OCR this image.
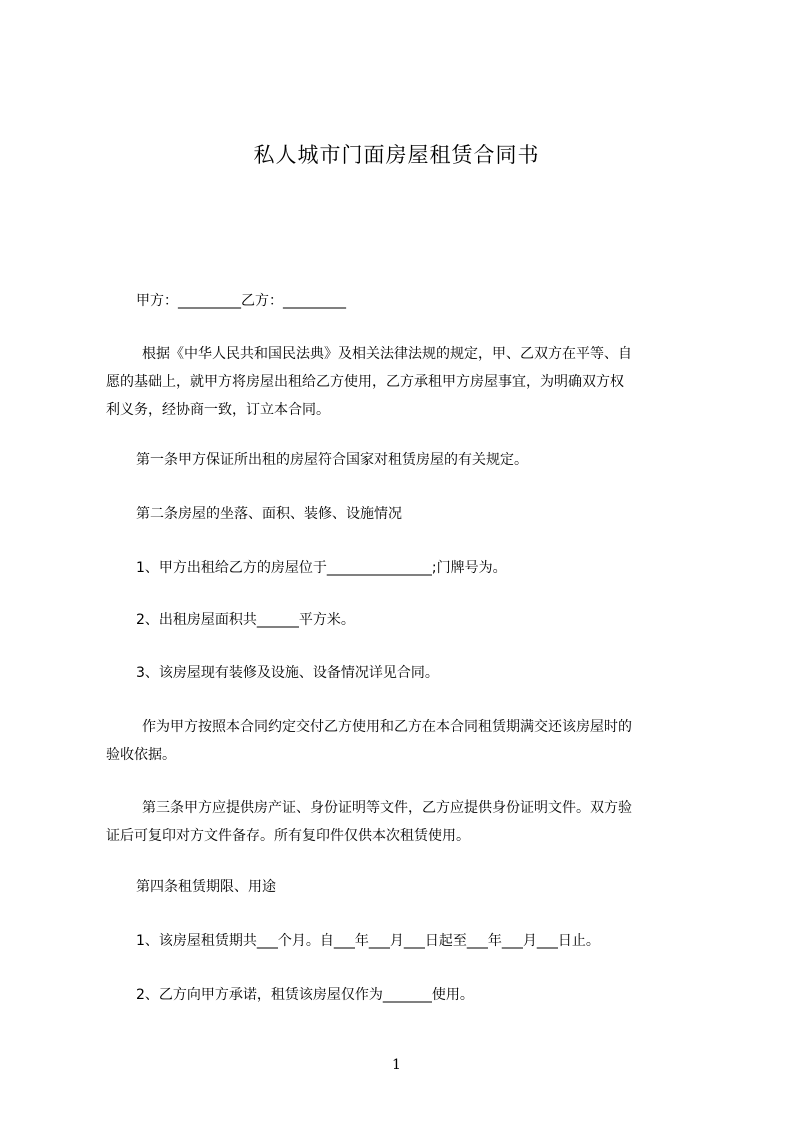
私人城市门面房屋租赁合同书
甲方：_________乙方：_________
根据《中华人民共和国民法典》及相关法律法规的规定，甲、乙双方在平等、自
愿的基础上，就甲方将房屋出租给乙方使用，乙方承租甲方房屋事宜，为明确双方权
利义务，经协商一致，订立本合同。
第一条甲方保证所出租的房屋符合国家对租赁房屋的有关规定。
第二条房屋的坐落、面积、装修、设施情况
1、甲方出租给乙方的房屋位于_______________;门牌号为。
2、出租房屋面积共______平方米。
3、该房屋现有装修及设施、设备情况详见合同。
作为甲方按照本合同约定交付乙方使用和乙方在本合同租赁期满交还该房屋时的
验收依据。
第三条甲方应提供房产证、身份证明等文件，乙方应提供身份证明文件。双方验
证后可复印对方文件备存。所有复印件仅供本次租赁使用。
第四条租赁期限、用途
1、该房屋租赁期共___个月。自___年___月___日起至___年___月___日止。
2、乙方向甲方承诺，租赁该房屋仅作为_______使用。
1
